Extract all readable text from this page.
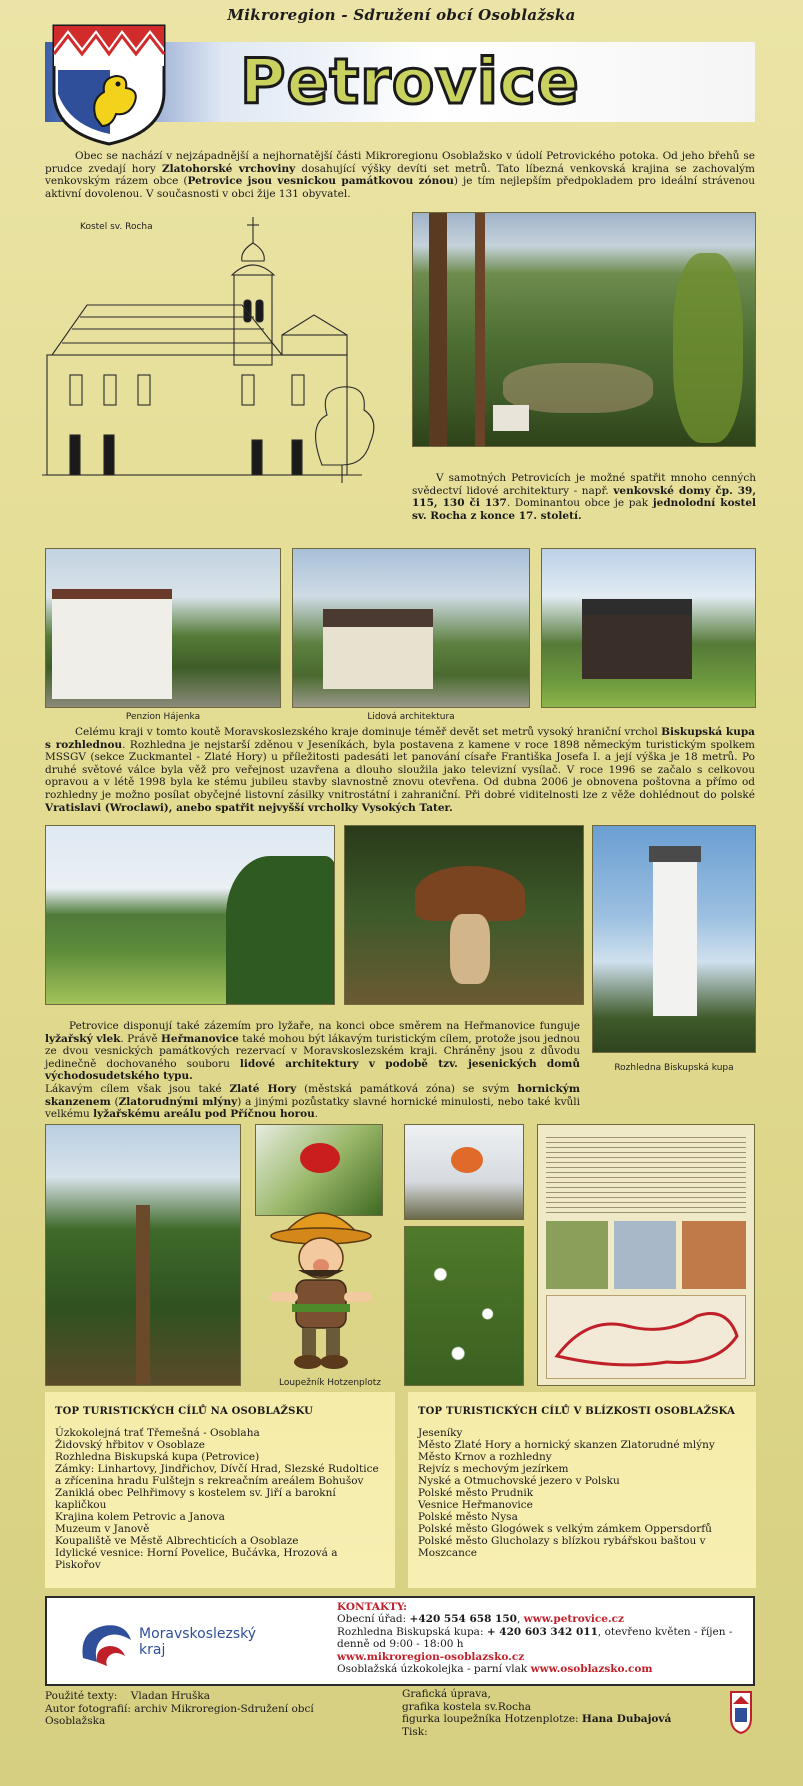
Mikroregion - Sdružení obcí Osoblažska
Petrovice
Obec se nachází v nejzápadnější a nejhornatější části Mikroregionu Osoblažsko v údolí Petrovického potoka. Od jeho břehů se prudce zvedají hory Zlatohorské vrchoviny dosahující výšky devíti set metrů. Tato líbezná venkovská krajina se zachovalým venkovským rázem obce (Petrovice jsou vesnickou památkovou zónou) je tím nejlepším předpokladem pro ideální strávenou aktivní dovolenou. V současnosti v obci žije 131 obyvatel.
Kostel sv. Rocha
V samotných Petrovicích je možné spatřit mnoho cenných svědectví lidové architektury - např. venkovské domy čp. 39, 115, 130 či 137. Dominantou obce je pak jednolodní kostel sv. Rocha z konce 17. století.
Penzion Hájenka	Lidová architektura
Celému kraji v tomto koutě Moravskoslezského kraje dominuje téměř devět set metrů vysoký hraniční vrchol Biskupská kupa s rozhlednou. Rozhledna je nejstarší zděnou v Jeseníkách, byla postavena z kamene v roce 1898 německým turistickým spolkem MSSGV (sekce Zuckmantel - Zlaté Hory) u příležitosti padesáti let panování císaře Františka Josefa I. a její výška je 18 metrů. Po druhé světové válce byla věž pro veřejnost uzavřena a dlouho sloužila jako televizní vysílač. V roce 1996 se začalo s celkovou opravou a v létě 1998 byla ke stému jubileu stavby slavnostně znovu otevřena. Od dubna 2006 je obnovena poštovna a přímo od rozhledny je možno posílat obyčejné listovní zásilky vnitrostátní i zahraniční. Při dobré viditelnosti lze z věže dohlédnout do polské Vratislavi (Wroclawi), anebo spatřit nejvyšší vrcholky Vysokých Tater.
Rozhledna Biskupská kupa
Petrovice disponují také zázemím pro lyžaře, na konci obce směrem na Heřmanovice funguje lyžařský vlek. Právě Heřmanovice také mohou být lákavým turistickým cílem, protože jsou jednou ze dvou vesnických památkových rezervací v Moravskoslezském kraji. Chráněny jsou z důvodu jedinečně dochovaného souboru lidové architektury v podobě tzv. jesenických domů východosudetského typu.
Lákavým cílem však jsou také Zlaté Hory (městská památková zóna) se svým hornickým skanzenem (Zlatorudnými mlýny) a jinými pozůstatky slavné hornické minulosti, nebo také kvůli velkému lyžařskému areálu pod Příčnou horou.
Loupežník Hotzenplotz
TOP TURISTICKÝCH CÍLŮ NA OSOBLAŽSKU
Úzkokolejná trať Třemešná - Osoblaha
Židovský hřbitov v Osoblaze
Rozhledna Biskupská kupa (Petrovice)
Zámky: Linhartovy, Jindřichov, Dívčí Hrad, Slezské Rudoltice a zřícenina hradu Fulštejn s rekreačním areálem Bohušov
Zaniklá obec Pelhřimovy s kostelem sv. Jiří a barokní kapličkou
Krajina kolem Petrovic a Janova
Muzeum v Janově
Koupaliště ve Městě Albrechticích a Osoblaze
Idylické vesnice: Horní Povelice, Bučávka, Hrozová a Piskořov
TOP TURISTICKÝCH CÍLŮ V BLÍZKOSTI OSOBLAŽSKA
Jeseníky
Město Zlaté Hory a hornický skanzen Zlatorudné mlýny
Město Krnov a rozhledny
Rejvíz s mechovým jezírkem
Nyské a Otmuchovské jezero v Polsku
Polské město Prudnik
Vesnice Heřmanovice
Polské město Nysa
Polské město Glogówek s velkým zámkem Oppersdorfů
Polské město Glucholazy s blízkou rybářskou baštou v Moszcance
Moravskoslezský
kraj
KONTAKTY:
Obecní úřad: +420 554 658 150, www.petrovice.cz
Rozhledna Biskupská kupa: + 420 603 342 011, otevřeno květen - říjen - denně od 9:00 - 18:00 h
www.mikroregion-osoblazsko.cz
Osoblažská úzkokolejka - parní vlak www.osoblazsko.com
Použité texty: Vladan Hruška
Autor fotografií: archiv Mikroregion-Sdružení obcí Osoblažska
Grafická úprava,
grafika kostela sv.Rocha
figurka loupežníka Hotzenplotze: Hana Dubajová
Tisk:
